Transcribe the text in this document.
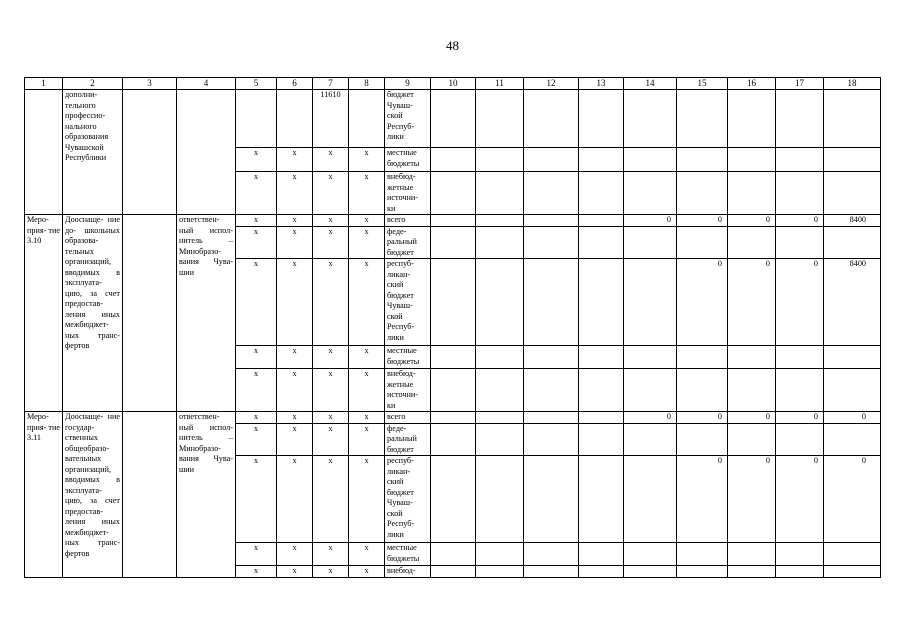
48
1	2	3	4	5	6	7	8	9	10	11	12	13	14	15	16	17	18
	дополни- тельного профессио- нального образования Чувашской Республики					11610		бюджет Чуваш- ской Респуб- лики									
				x	x	x	x	местные бюджеты									
				x	x	x	x	внебюд- жетные источни- ки									
Меро- прия- тие 3.10	Дооснаще- ние до- школьных образова- тельных организаций, вводимых в эксплуата- цию, за счет предостав- ления иных межбюджет- ных транс- фертов		ответствен- ный испол- нитель – Минобразо- вания Чува- шии	x	x	x	x	всего					0	0	0	0	8400
				x	x	x	x	феде- ральный бюджет									
				x	x	x	x	респуб- ликан- ский бюджет Чуваш- ской Респуб- лики						0	0	0	8400
				x	x	x	x	местные бюджеты									
				x	x	x	x	внебюд- жетные источни- ки									
Меро- прия- тие 3.11	Дооснаще- ние государ- ственных общеобразо- вательных организаций, вводимых в эксплуата- цию, за счет предостав- ления иных межбюджет- ных транс- фертов		ответствен- ный испол- нитель – Минобразо- вания Чува- шии	x	x	x	x	всего					0	0	0	0	0
				x	x	x	x	феде- ральный бюджет									
				x	x	x	x	респуб- ликан- ский бюджет Чуваш- ской Респуб- лики						0	0	0	0
				x	x	x	x	местные бюджеты									
				x	x	x	x	внебюд-									
